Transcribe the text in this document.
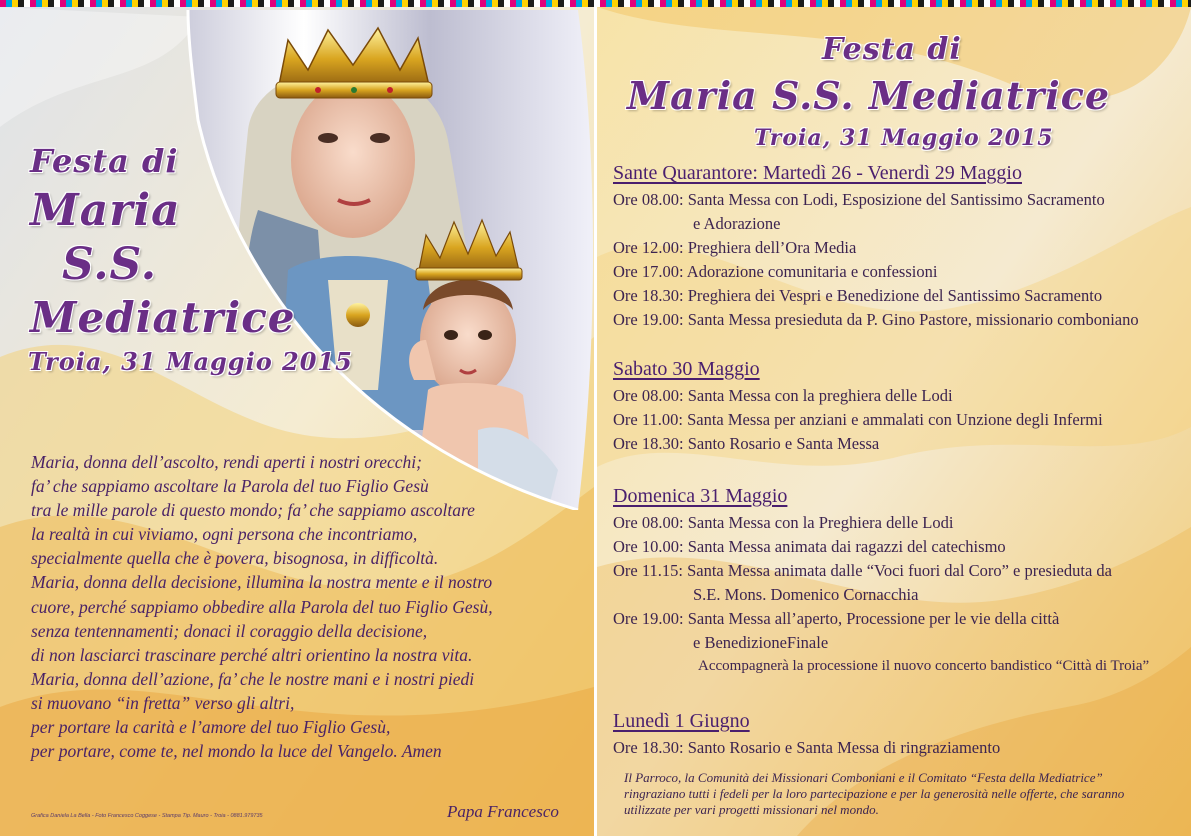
Festa di

Maria

S.S.

Mediatrice

Troia, 31 Maggio 2015

Maria, donna dell’ascolto, rendi aperti i nostri orecchi;
fa’ che sappiamo ascoltare la Parola del tuo Figlio Gesù
tra le mille parole di questo mondo; fa’ che sappiamo ascoltare
la realtà in cui viviamo, ogni persona che incontriamo,
specialmente quella che è povera, bisognosa, in difficoltà.
Maria, donna della decisione, illumina la nostra mente e il nostro
cuore, perché sappiamo obbedire alla Parola del tuo Figlio Gesù,
senza tentennamenti; donaci il coraggio della decisione,
di non lasciarci trascinare perché altri orientino la nostra vita.
Maria, donna dell’azione, fa’ che le nostre mani e i nostri piedi
si muovano “in fretta” verso gli altri,
per portare la carità e l’amore del tuo Figlio Gesù,
per portare, come te, nel mondo la luce del Vangelo. Amen
Papa Francesco
Grafica Daniela La Bella - Foto Francesco Coggese - Stampa Tip. Mauro - Troia - 0881.979735

Festa di

Maria S.S. Mediatrice

Troia, 31 Maggio 2015

Sante Quarantore: Martedì 26 - Venerdì 29 Maggio

Ore 08.00: Santa Messa con Lodi, Esposizione del Santissimo Sacramento
e Adorazione
Ore 12.00: Preghiera dell’Ora Media
Ore 17.00: Adorazione comunitaria e confessioni
Ore 18.30: Preghiera dei Vespri e Benedizione del Santissimo Sacramento
Ore 19.00: Santa Messa presieduta da P. Gino Pastore, missionario comboniano

Sabato 30 Maggio

Ore 08.00: Santa Messa con la preghiera delle Lodi
Ore 11.00: Santa Messa per anziani e ammalati con Unzione degli Infermi
Ore 18.30: Santo Rosario e Santa Messa

Domenica 31 Maggio

Ore 08.00: Santa Messa con la Preghiera delle Lodi
Ore 10.00: Santa Messa animata dai ragazzi del catechismo
Ore 11.15: Santa Messa animata dalle “Voci fuori dal Coro” e presieduta da
S.E. Mons. Domenico Cornacchia
Ore 19.00: Santa Messa all’aperto, Processione per le vie della città
e BenedizioneFinale
Accompagnerà la processione il nuovo concerto bandistico “Città di Troia”

Lunedì 1 Giugno

Ore 18.30: Santo Rosario e Santa Messa di ringraziamento
Il Parroco, la Comunità dei Missionari Comboniani e il Comitato “Festa della Mediatrice”
ringraziano tutti i fedeli per la loro partecipazione e per la generosità nelle offerte, che saranno
utilizzate per vari progetti missionari nel mondo.
